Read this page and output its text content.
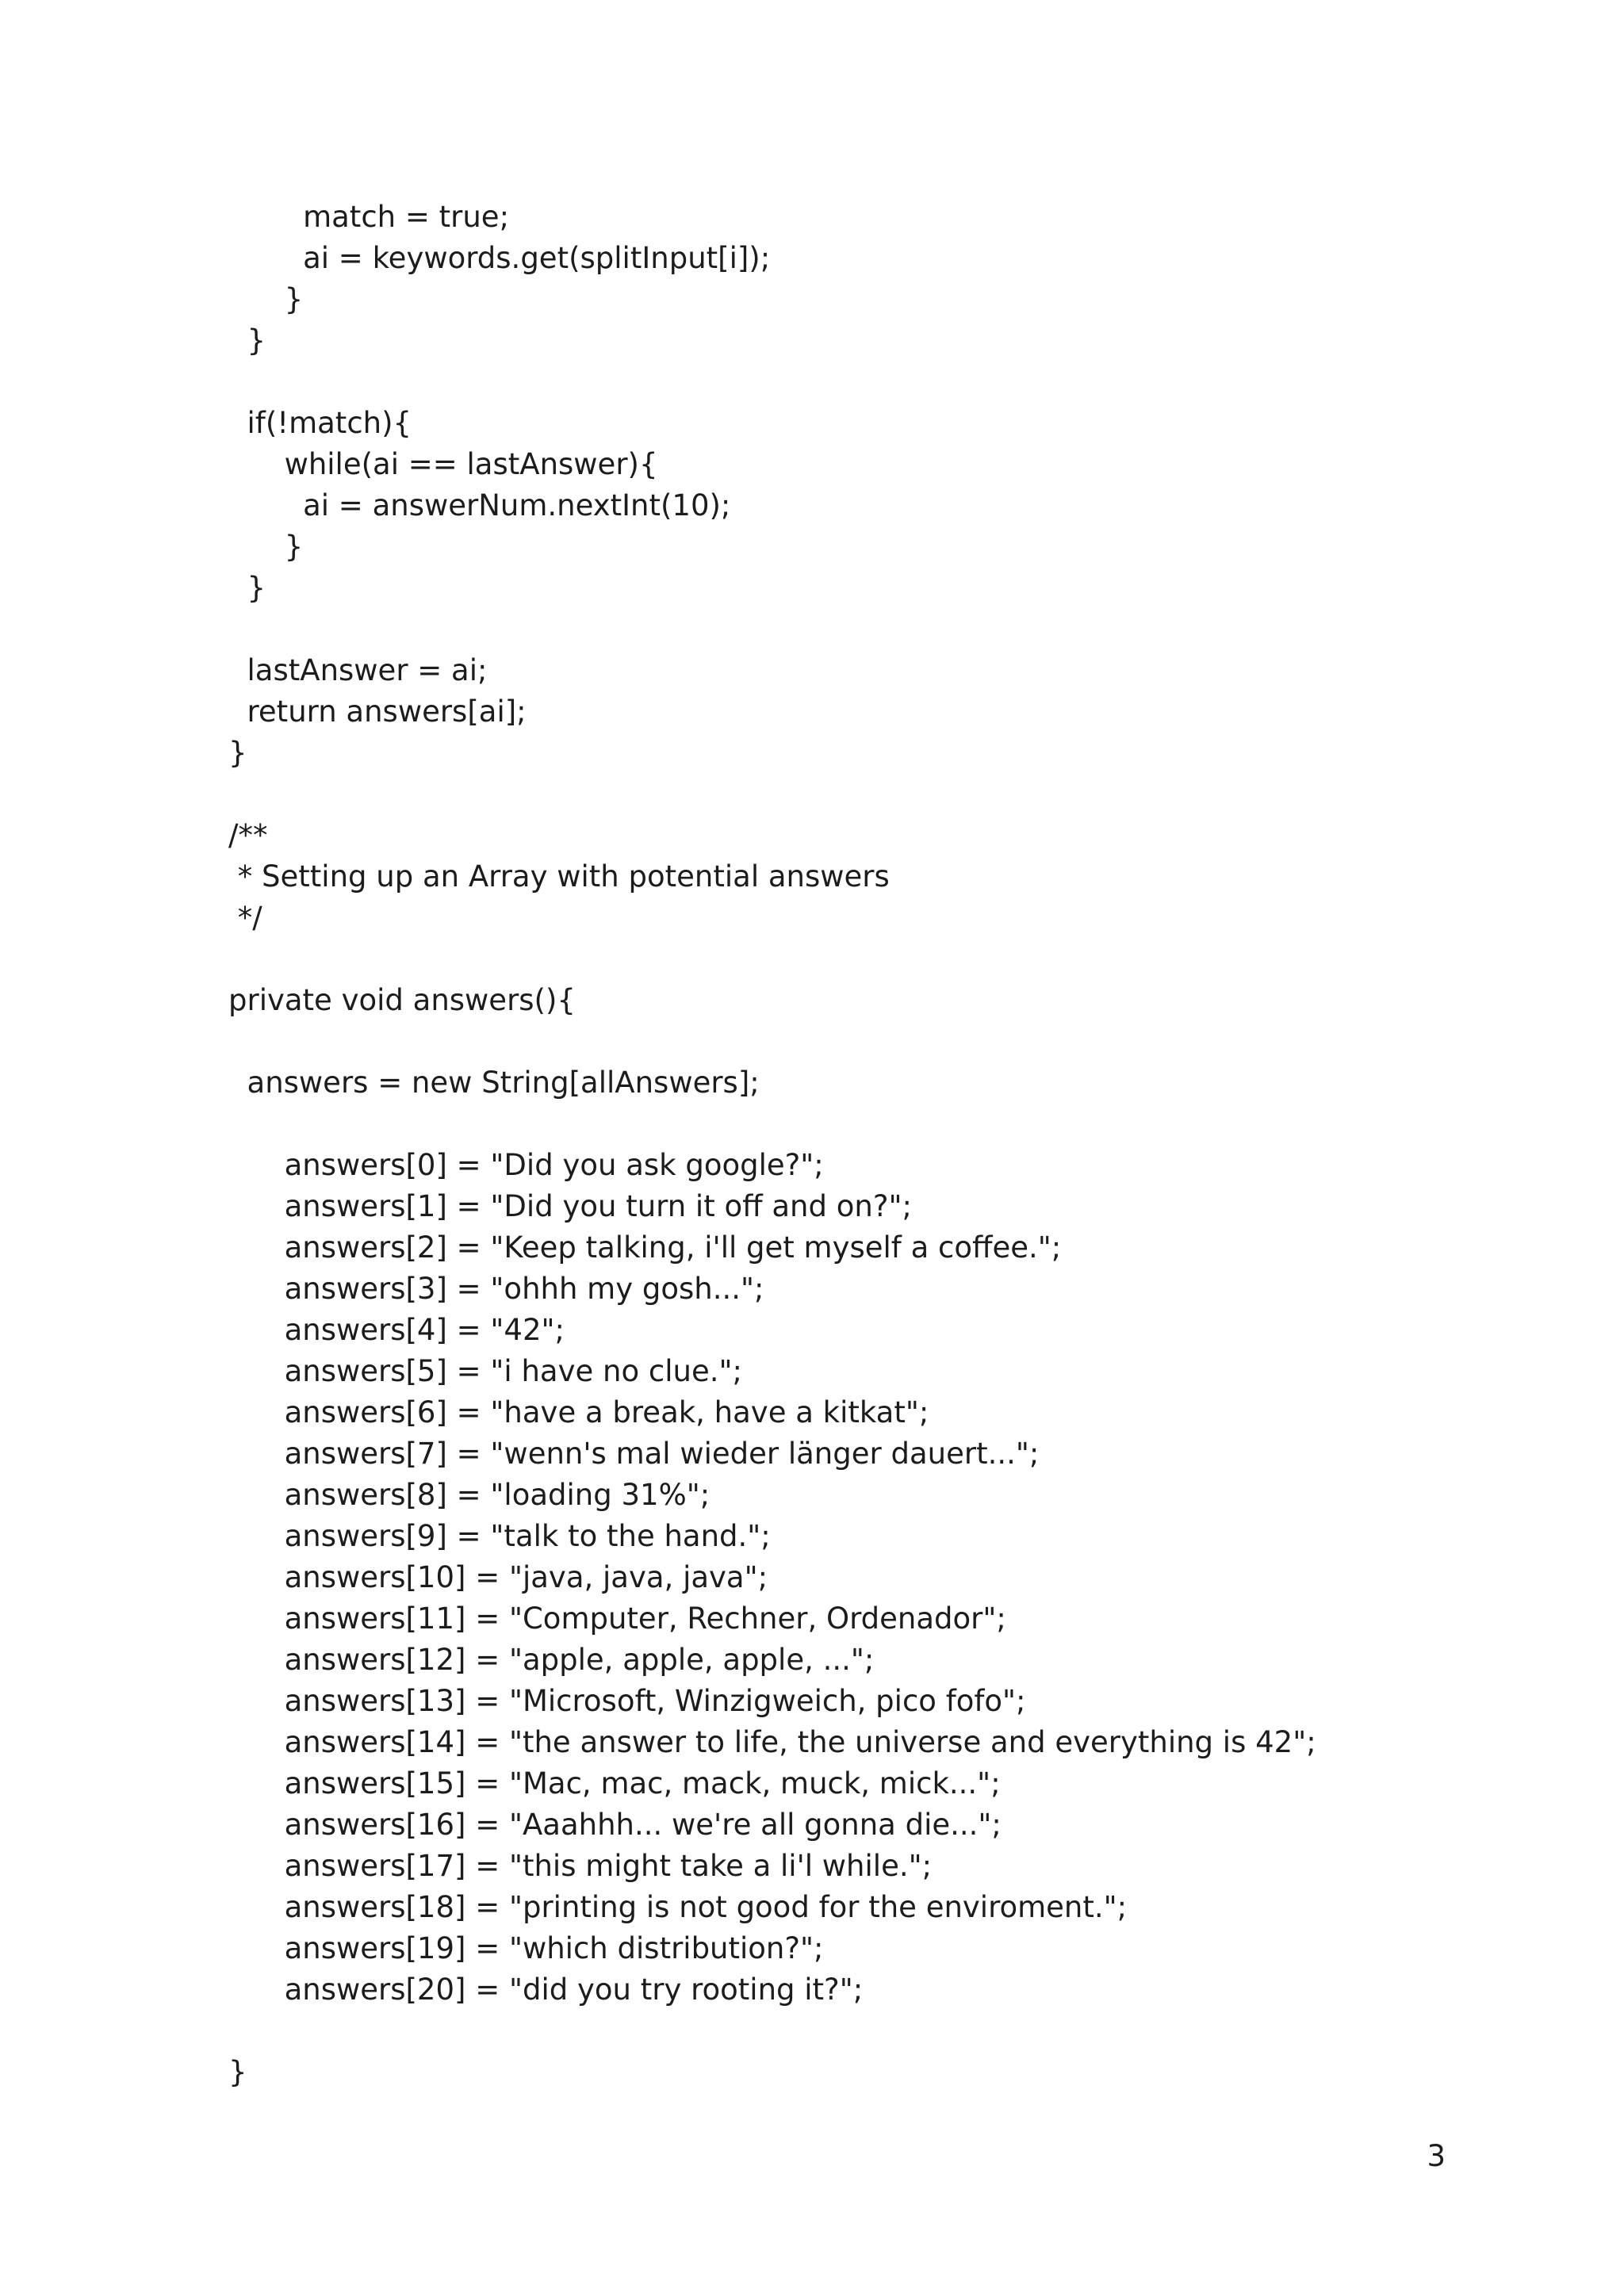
match = true;
ai = keywords.get(splitInput[i]);
}
}
if(!match){
while(ai == lastAnswer){
ai = answerNum.nextInt(10);
}
}
lastAnswer = ai;
return answers[ai];
}
/**
* Setting up an Array with potential answers
*/
private void answers(){
answers = new String[allAnswers];
answers[0] = "Did you ask google?";
answers[1] = "Did you turn it off and on?";
answers[2] = "Keep talking, i'll get myself a coffee.";
answers[3] = "ohhh my gosh...";
answers[4] = "42";
answers[5] = "i have no clue.";
answers[6] = "have a break, have a kitkat";
answers[7] = "wenn's mal wieder länger dauert...";
answers[8] = "loading 31%";
answers[9] = "talk to the hand.";
answers[10] = "java, java, java";
answers[11] = "Computer, Rechner, Ordenador";
answers[12] = "apple, apple, apple, ...";
answers[13] = "Microsoft, Winzigweich, pico fofo";
answers[14] = "the answer to life, the universe and everything is 42";
answers[15] = "Mac, mac, mack, muck, mick...";
answers[16] = "Aaahhh... we're all gonna die...";
answers[17] = "this might take a li'l while.";
answers[18] = "printing is not good for the enviroment.";
answers[19] = "which distribution?";
answers[20] = "did you try rooting it?";
}
3
